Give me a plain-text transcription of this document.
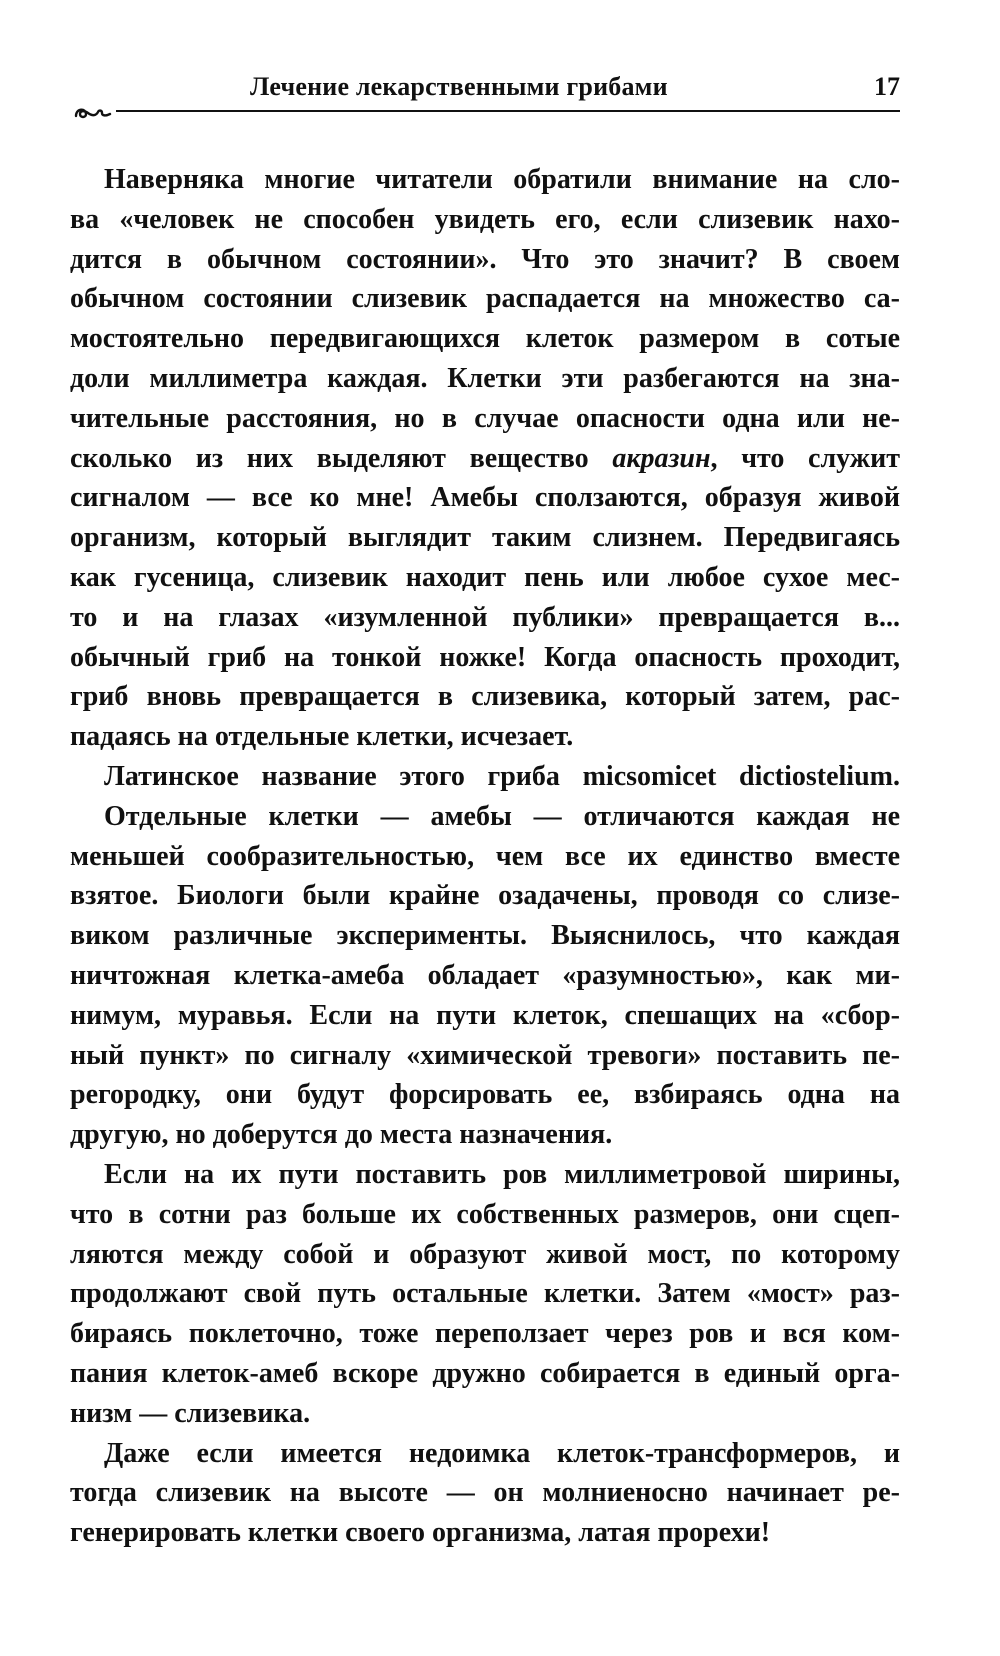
Лечение лекарственными грибами	17
Наверняка многие читатели обратили внимание на сло-
ва «человек не способен увидеть его, если слизевик нахо-
дится в обычном состоянии». Что это значит? В своем
обычном состоянии слизевик распадается на множество са-
мостоятельно передвигающихся клеток размером в сотые
доли миллиметра каждая. Клетки эти разбегаются на зна-
чительные расстояния, но в случае опасности одна или не-
сколько из них выделяют вещество акразин, что служит
сигналом — все ко мне! Амебы сползаются, образуя живой
организм, который выглядит таким слизнем. Передвигаясь
как гусеница, слизевик находит пень или любое сухое мес-
то и на глазах «изумленной публики» превращается в...
обычный гриб на тонкой ножке! Когда опасность проходит,
гриб вновь превращается в слизевика, который затем, рас-
падаясь на отдельные клетки, исчезает.
Латинское название этого гриба micsomicet dictiostelium.
Отдельные клетки — амебы — отличаются каждая не
меньшей сообразительностью, чем все их единство вместе
взятое. Биологи были крайне озадачены, проводя со слизе-
виком различные эксперименты. Выяснилось, что каждая
ничтожная клетка-амеба обладает «разумностью», как ми-
нимум, муравья. Если на пути клеток, спешащих на «сбор-
ный пункт» по сигналу «химической тревоги» поставить пе-
регородку, они будут форсировать ее, взбираясь одна на
другую, но доберутся до места назначения.
Если на их пути поставить ров миллиметровой ширины,
что в сотни раз больше их собственных размеров, они сцеп-
ляются между собой и образуют живой мост, по которому
продолжают свой путь остальные клетки. Затем «мост» раз-
бираясь поклеточно, тоже переползает через ров и вся ком-
пания клеток-амеб вскоре дружно собирается в единый орга-
низм — слизевика.
Даже если имеется недоимка клеток-трансформеров, и
тогда слизевик на высоте — он молниеносно начинает ре-
генерировать клетки своего организма, латая прорехи!
